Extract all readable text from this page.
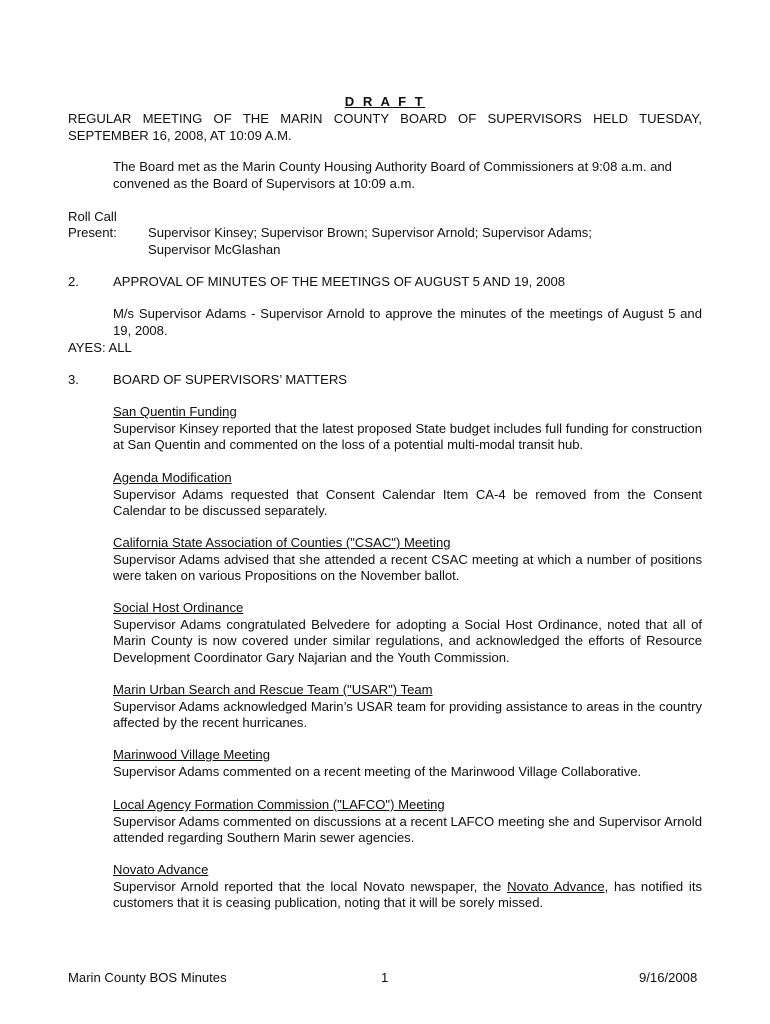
D R A F T
REGULAR MEETING OF THE MARIN COUNTY BOARD OF SUPERVISORS HELD TUESDAY, SEPTEMBER 16, 2008, AT 10:09 A.M.
The Board met as the Marin County Housing Authority Board of Commissioners at 9:08 a.m. and convened as the Board of Supervisors at 10:09 a.m.
Roll Call
Present: Supervisor Kinsey; Supervisor Brown; Supervisor Arnold; Supervisor Adams;
Supervisor McGlashan
2.	APPROVAL OF MINUTES OF THE MEETINGS OF AUGUST 5 AND 19, 2008
M/s Supervisor Adams - Supervisor Arnold to approve the minutes of the meetings of August 5 and 19, 2008.
AYES: ALL
3.	BOARD OF SUPERVISORS’ MATTERS
San Quentin Funding
Supervisor Kinsey reported that the latest proposed State budget includes full funding for construction at San Quentin and commented on the loss of a potential multi-modal transit hub.
Agenda Modification
Supervisor Adams requested that Consent Calendar Item CA-4 be removed from the Consent Calendar to be discussed separately.
California State Association of Counties ("CSAC") Meeting
Supervisor Adams advised that she attended a recent CSAC meeting at which a number of positions were taken on various Propositions on the November ballot.
Social Host Ordinance
Supervisor Adams congratulated Belvedere for adopting a Social Host Ordinance, noted that all of Marin County is now covered under similar regulations, and acknowledged the efforts of Resource Development Coordinator Gary Najarian and the Youth Commission.
Marin Urban Search and Rescue Team ("USAR") Team
Supervisor Adams acknowledged Marin’s USAR team for providing assistance to areas in the country affected by the recent hurricanes.
Marinwood Village Meeting
Supervisor Adams commented on a recent meeting of the Marinwood Village Collaborative.
Local Agency Formation Commission ("LAFCO") Meeting
Supervisor Adams commented on discussions at a recent LAFCO meeting she and Supervisor Arnold attended regarding Southern Marin sewer agencies.
Novato Advance
Supervisor Arnold reported that the local Novato newspaper, the Novato Advance, has notified its customers that it is ceasing publication, noting that it will be sorely missed.
Marin County BOS Minutes	1	9/16/2008
